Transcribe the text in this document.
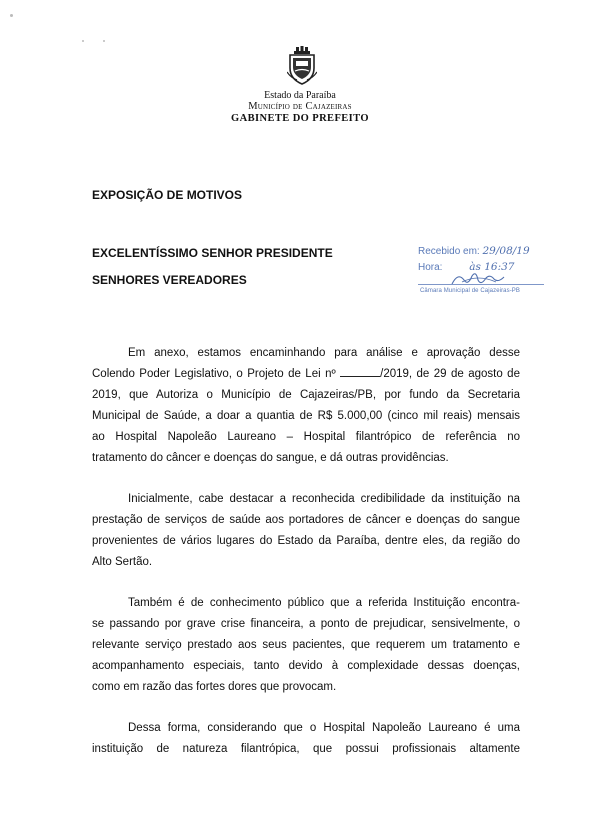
Estado da Paraíba
Município de Cajazeiras
GABINETE DO PREFEITO
EXPOSIÇÃO DE MOTIVOS
EXCELENTÍSSIMO SENHOR PRESIDENTE
SENHORES VEREADORES
Recebido em: 29/08/19
Hora:	às 16:37
Câmara Municipal de Cajazeiras-PB
Em anexo, estamos encaminhando para análise e aprovação desse
Colendo Poder Legislativo, o Projeto de Lei nº	/2019, de 29 de agosto de
2019, que Autoriza o Município de Cajazeiras/PB, por fundo da Secretaria
Municipal de Saúde, a doar a quantia de R$ 5.000,00 (cinco mil reais) mensais
ao Hospital Napoleão Laureano – Hospital filantrópico de referência no
tratamento do câncer e doenças do sangue, e dá outras providências.
Inicialmente, cabe destacar a reconhecida credibilidade da instituição na
prestação de serviços de saúde aos portadores de câncer e doenças do sangue
provenientes de vários lugares do Estado da Paraíba, dentre eles, da região do
Alto Sertão.
Também é de conhecimento público que a referida Instituição encontra-
se passando por grave crise financeira, a ponto de prejudicar, sensivelmente, o
relevante serviço prestado aos seus pacientes, que requerem um tratamento e
acompanhamento especiais, tanto devido à complexidade dessas doenças,
como em razão das fortes dores que provocam.
Dessa forma, considerando que o Hospital Napoleão Laureano é uma
instituição de natureza filantrópica, que possui profissionais altamente
